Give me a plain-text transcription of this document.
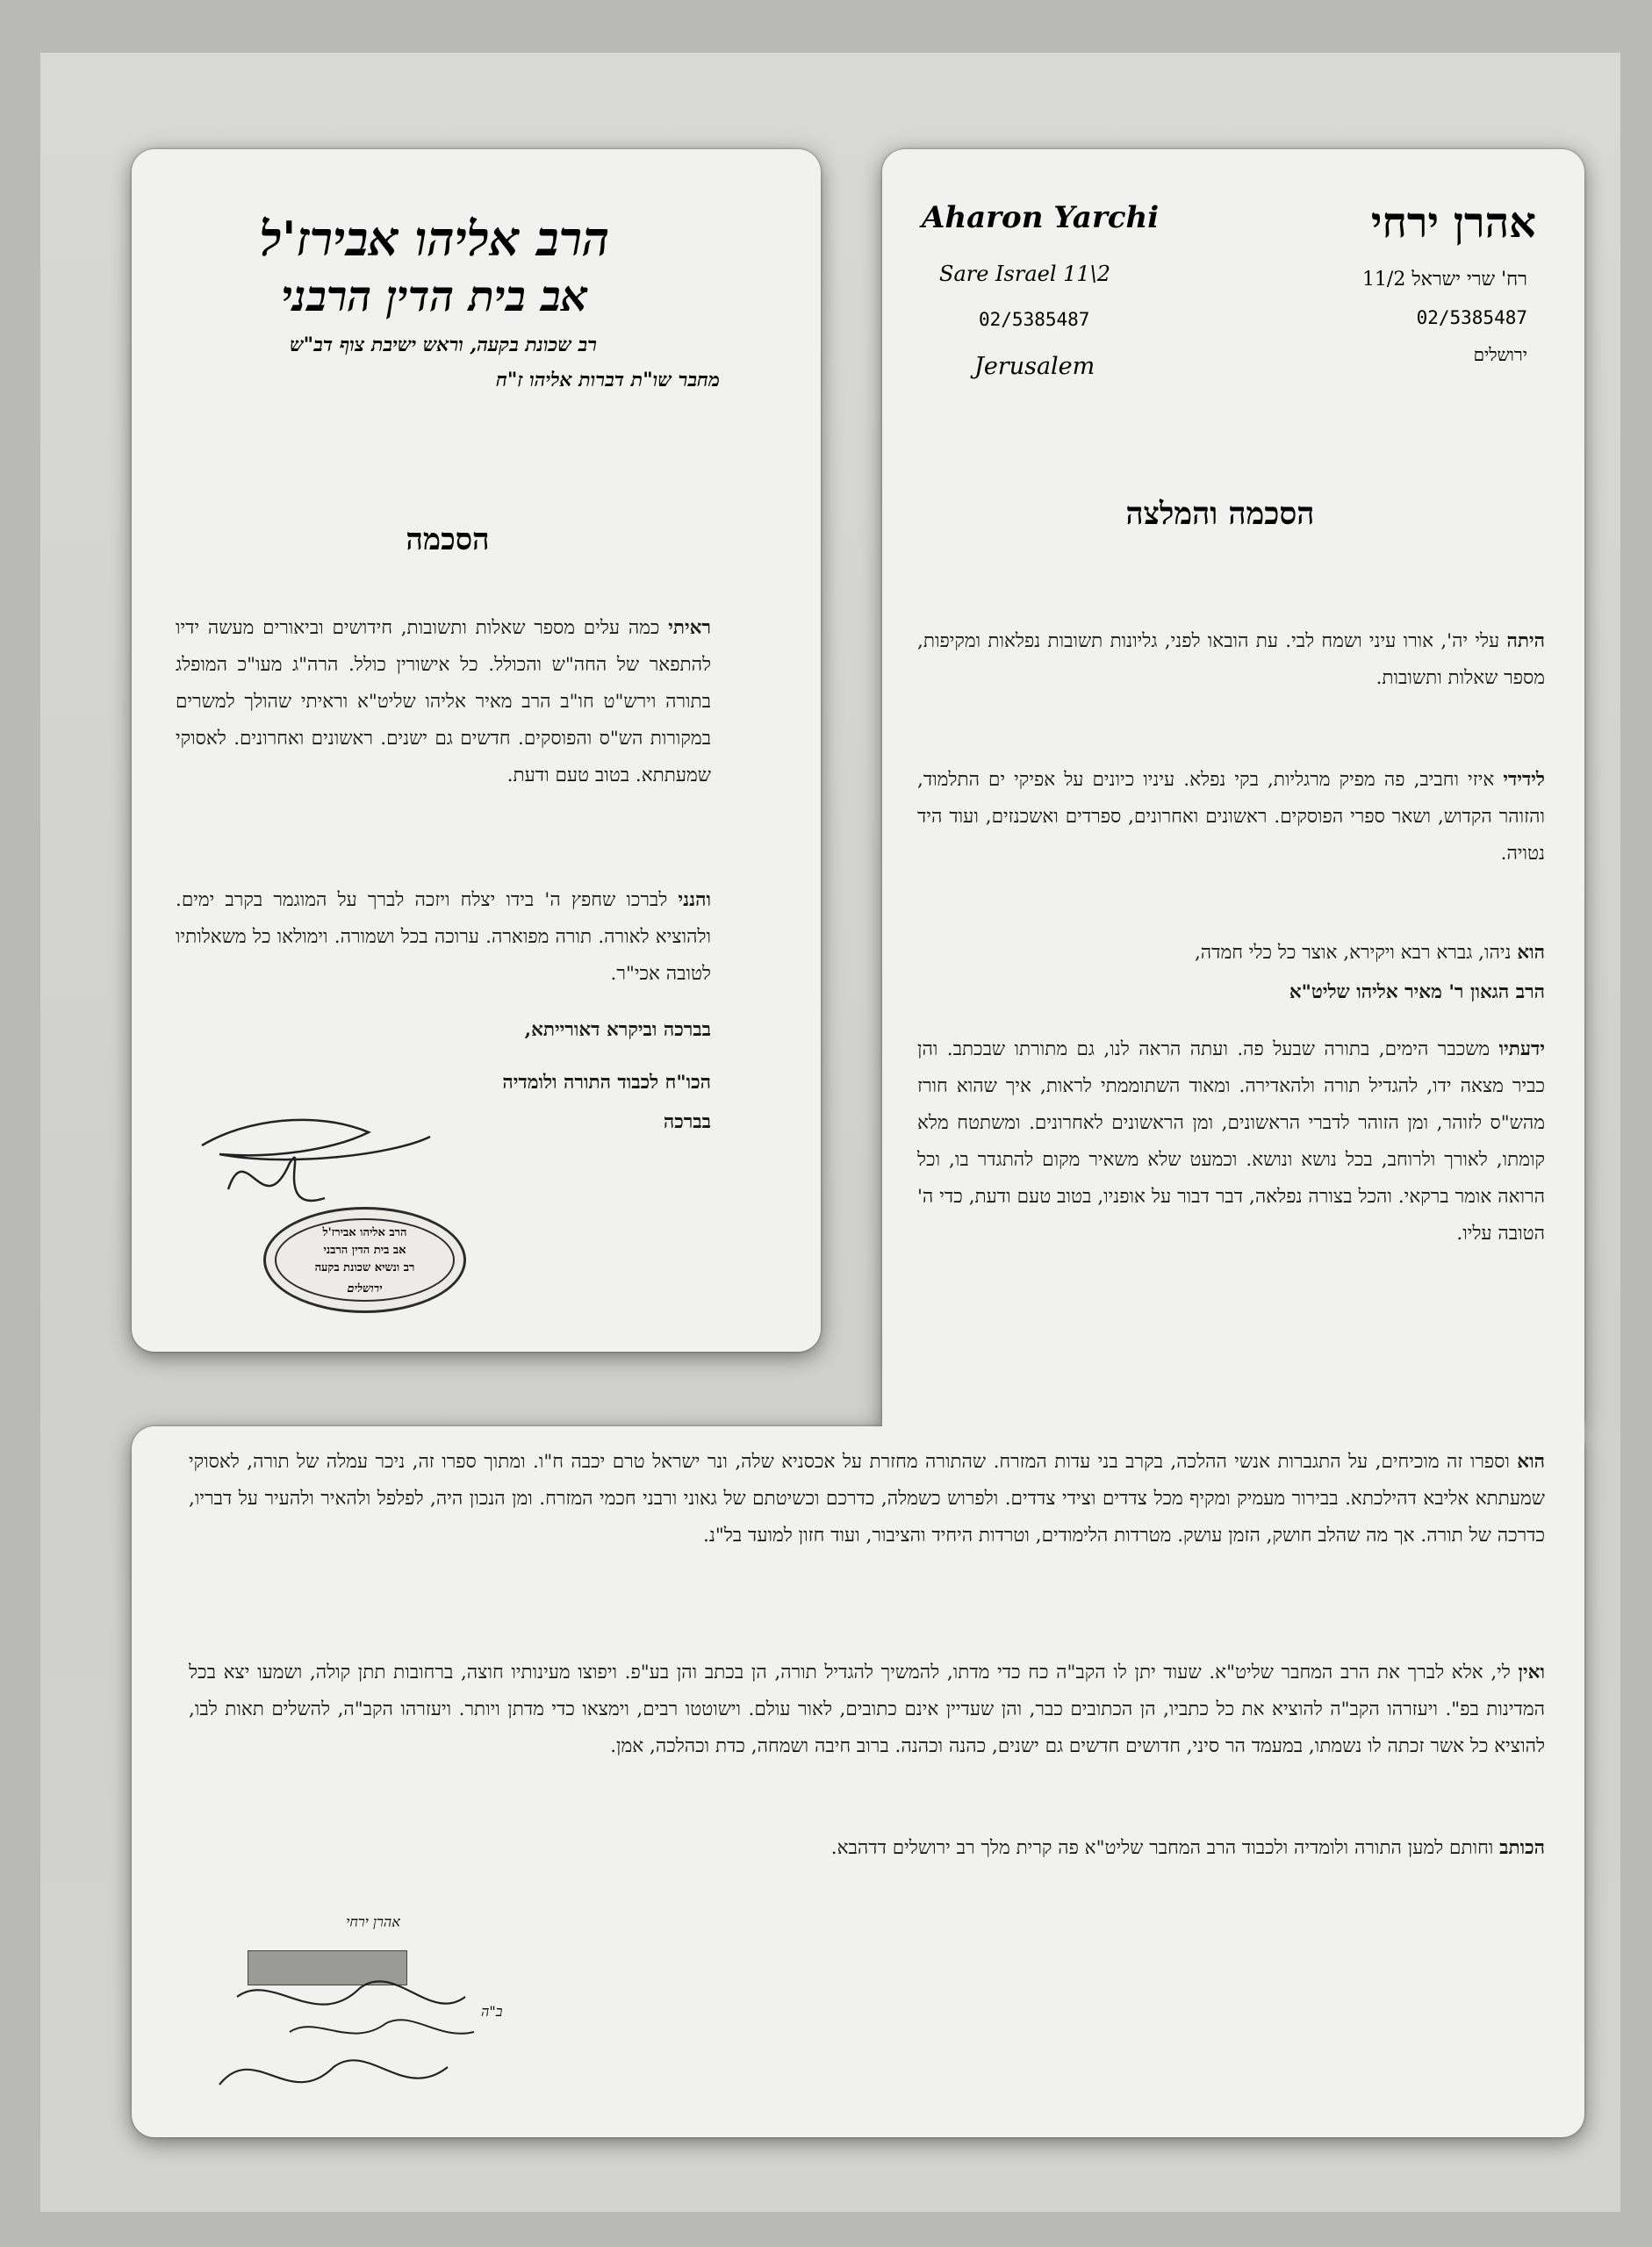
הרב אליהו אבירז'ל
אב בית הדין הרבני
רב שכונת בקעה, וראש ישיבת צוף דב"ש
מחבר שו"ת דברות אליהו ז"ח
הסכמה
ראיתי כמה עלים מספר שאלות ותשובות, חידושים וביאורים מעשה ידיו להתפאר של החה"ש והכולל. כל אישורין כולל. הרה"ג מעו"כ המופלג בתורה וירש"ט חו"ב הרב מאיר אליהו שליט"א וראיתי שהולך למשרים במקורות הש"ס והפוסקים. חדשים גם ישנים. ראשונים ואחרונים. לאסוקי שמעתתא. בטוב טעם ודעת.
והנני לברכו שחפץ ה' בידו יצלח ויזכה לברך על המוגמר בקרב ימים. ולהוציא לאורה. תורה מפוארה. ערוכה בכל ושמורה. וימולאו כל משאלותיו לטובה אכי"ר.
בברכה וביקרא דאורייתא,
הכו"ח לכבוד התורה ולומדיה
בברכה
הרב אליהו אבירז'ל
אב בית הדין הרבני
רב ונשיא שכונת בקעה
ירושלים
Aharon Yarchi
Sare Israel 11\2
02/5385487
Jerusalem
אהרן ירחי
רח' שרי ישראל 11/2
02/5385487
ירושלים
הסכמה והמלצה
היתה עלי יה', אורו עיני ושמח לבי. עת הובאו לפני, גליונות תשובות נפלאות ומקיפות, מספר שאלות ותשובות.
לידידי איזי וחביב, פה מפיק מרגליות, בקי נפלא. עיניו כיונים על אפיקי ים התלמוד, והזוהר הקדוש, ושאר ספרי הפוסקים. ראשונים ואחרונים, ספרדים ואשכנזים, ועוד היד נטויה.
הוא ניהו, גברא רבא ויקירא, אוצר כל כלי חמדה,
הרב הגאון ר' מאיר אליהו שליט"א
ידעתיו משכבר הימים, בתורה שבעל פה. ועתה הראה לנו, גם מתורתו שבכתב. והן כביר מצאה ידו, להגדיל תורה ולהאדירה. ומאוד השתוממתי לראות, איך שהוא חורז מהש"ס לזוהר, ומן הזוהר לדברי הראשונים, ומן הראשונים לאחרונים. ומשתטח מלא קומתו, לאורך ולרוחב, בכל נושא ונושא. וכמעט שלא משאיר מקום להתגדר בו, וכל הרואה אומר ברקאי. והכל בצורה נפלאה, דבר דבור על אופניו, בטוב טעם ודעת, כדי ה' הטובה עליו.
הוא וספרו זה מוכיחים, על התגברות אנשי ההלכה, בקרב בני עדות המזרח. שהתורה מחזרת על אכסניא שלה, ונר ישראל טרם יכבה ח"ו. ומתוך ספרו זה, ניכר עמלה של תורה, לאסוקי שמעתתא אליבא דהילכתא. בבירור מעמיק ומקיף מכל צדדים וצידי צדדים. ולפרוש כשמלה, כדרכם וכשיטתם של גאוני ורבני חכמי המזרח. ומן הנכון היה, לפלפל ולהאיר ולהעיר על דבריו, כדרכה של תורה. אך מה שהלב חושק, הזמן עושק. מטרדות הלימודים, וטרדות היחיד והציבור, ועוד חזון למועד בל"נ.
ואין לי, אלא לברך את הרב המחבר שליט"א. שעוד יתן לו הקב"ה כח כדי מדתו, להמשיך להגדיל תורה, הן בכתב והן בע"פ. ויפוצו מעינותיו חוצה, ברחובות תתן קולה, ושמעו יצא בכל המדינות בפ". ויעזרהו הקב"ה להוציא את כל כתביו, הן הכתובים כבר, והן שעדיין אינם כתובים, לאור עולם. וישוטטו רבים, וימצאו כדי מדתן ויותר. ויעזרהו הקב"ה, להשלים תאות לבו, להוציא כל אשר זכתה לו נשמתו, במעמד הר סיני, חדושים חדשים גם ישנים, כהנה וכהנה. ברוב חיבה ושמחה, כדת וכהלכה, אמן.
הכותב וחותם למען התורה ולומדיה ולכבוד הרב המחבר שליט"א פה קרית מלך רב ירושלים דדהבא.
אהרן ירחי
ב"ה
